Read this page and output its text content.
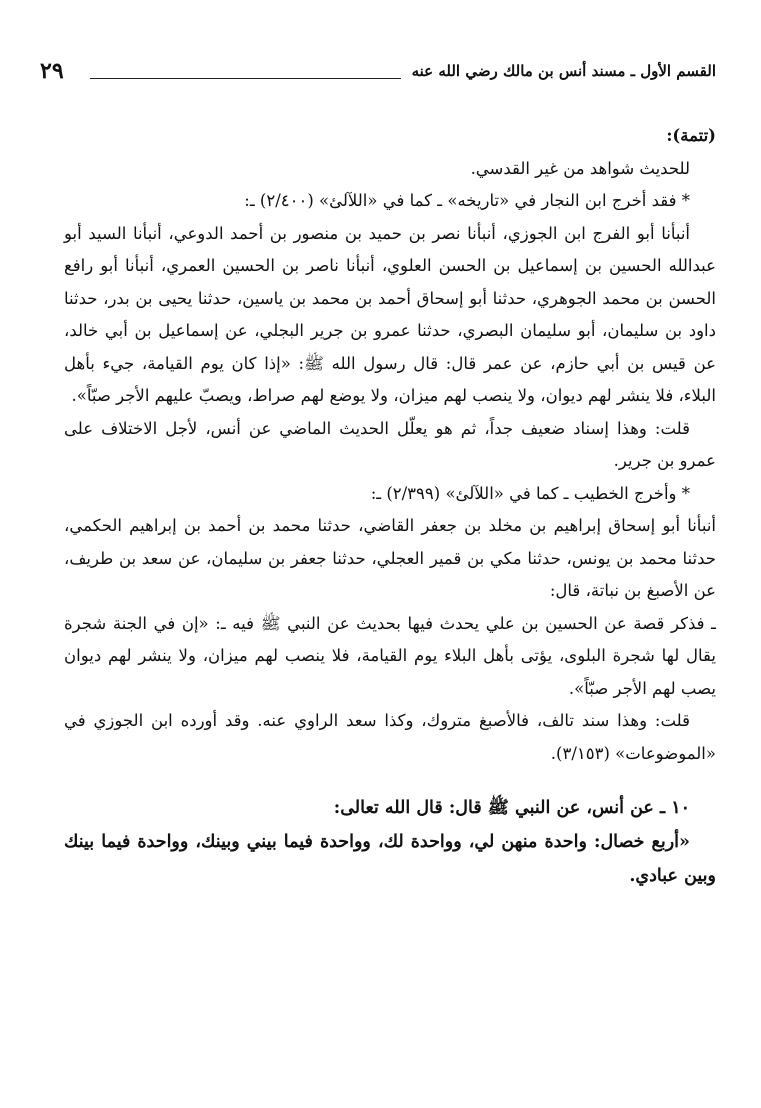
القسم الأول ـ مسند أنس بن مالك رضي الله عنه
٢٩

(تتمة):

للحديث شواهد من غير القدسي.

* فقد أخرج ابن النجار في «تاريخه» ـ كما في «اللآلئ» (٢/٤٠٠) ـ:

أنبأنا أبو الفرج ابن الجوزي، أنبأنا نصر بن حميد بن منصور بن أحمد الدوعي، أنبأنا السيد أبو عبدالله الحسين بن إسماعيل بن الحسن العلوي، أنبأنا ناصر بن الحسين العمري، أنبأنا أبو رافع الحسن بن محمد الجوهري، حدثنا أبو إسحاق أحمد بن محمد بن ياسين، حدثنا يحيى بن بدر، حدثنا داود بن سليمان، أبو سليمان البصري، حدثنا عمرو بن جرير البجلي، عن إسماعيل بن أبي خالد، عن قيس بن أبي حازم، عن عمر قال: قال رسول الله ﷺ: «إذا كان يوم القيامة، جيء بأهل البلاء، فلا ينشر لهم ديوان، ولا ينصب لهم ميزان، ولا يوضع لهم صراط، ويصبّ عليهم الأجر صبّاً».

قلت: وهذا إسناد ضعيف جداً، ثم هو يعلّل الحديث الماضي عن أنس، لأجل الاختلاف على عمرو بن جرير.

* وأخرج الخطيب ـ كما في «اللآلئ» (٢/٣٩٩) ـ:

أنبأنا أبو إسحاق إبراهيم بن مخلد بن جعفر القاضي، حدثنا محمد بن أحمد بن إبراهيم الحكمي، حدثنا محمد بن يونس، حدثنا مكي بن قمير العجلي، حدثنا جعفر بن سليمان، عن سعد بن طريف، عن الأصبغ بن نباتة، قال:

ـ فذكر قصة عن الحسين بن علي يحدث فيها بحديث عن النبي ﷺ فيه ـ: «إن في الجنة شجرة يقال لها شجرة البلوى، يؤتى بأهل البلاء يوم القيامة، فلا ينصب لهم ميزان، ولا ينشر لهم ديوان يصب لهم الأجر صبّاً».

قلت: وهذا سند تالف، فالأصبغ متروك، وكذا سعد الراوي عنه. وقد أورده ابن الجوزي في «الموضوعات» (٣/١٥٣).

١٠ ـ عن أنس، عن النبي ﷺ قال: قال الله تعالى:

«أربع خصال: واحدة منهن لي، وواحدة لك، وواحدة فيما بيني وبينك، وواحدة فيما بينك وبين عبادي.
